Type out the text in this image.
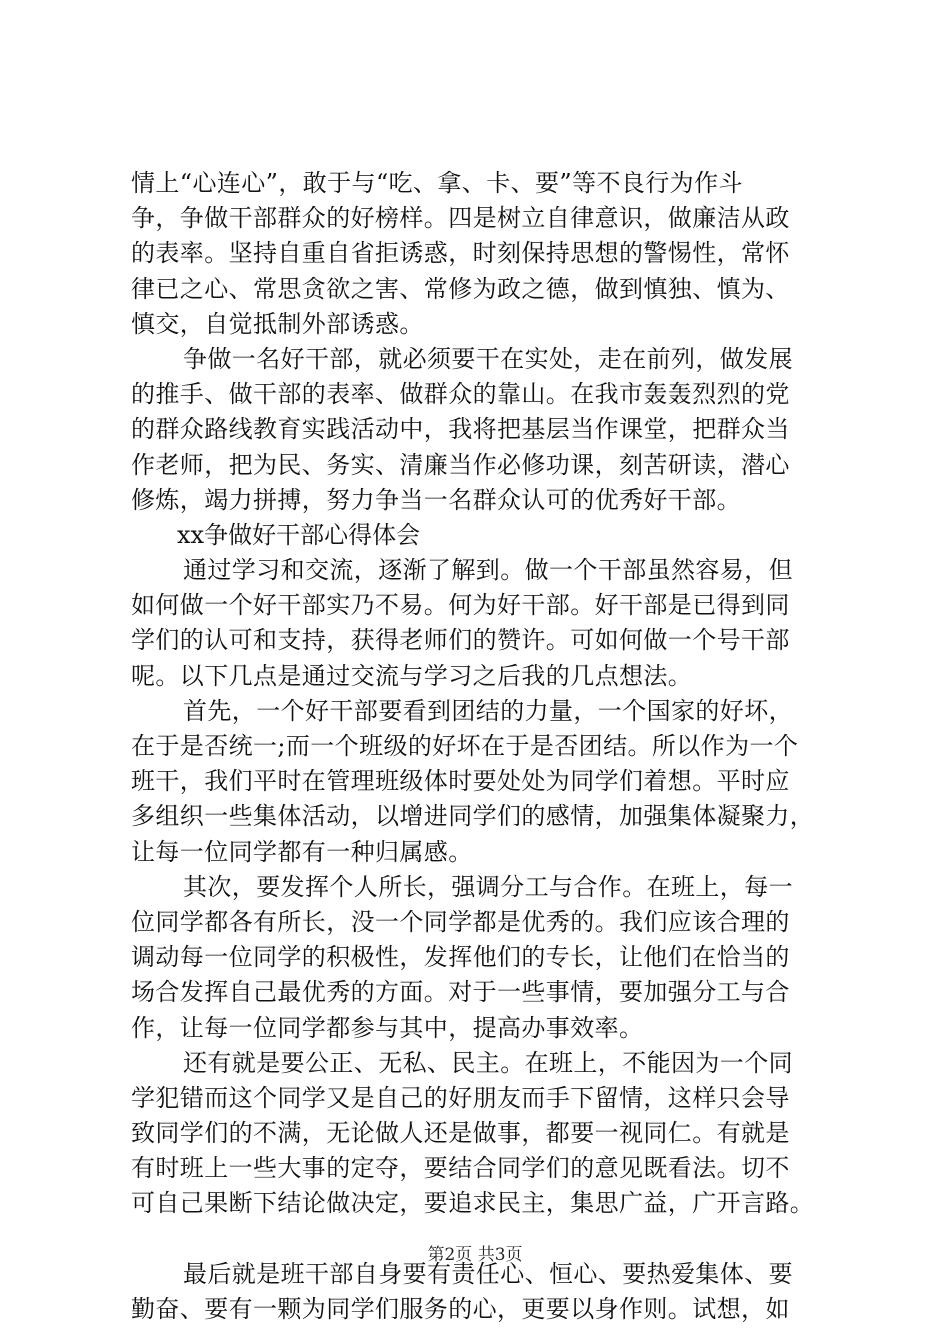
情上“心连心”，敢于与“吃、拿、卡、要”等不良行为作斗
争，争做干部群众的好榜样。四是树立自律意识，做廉洁从政
的表率。坚持自重自省拒诱惑，时刻保持思想的警惕性，常怀
律已之心、常思贪欲之害、常修为政之德，做到慎独、慎为、
慎交，自觉抵制外部诱惑。
争做一名好干部，就必须要干在实处，走在前列，做发展
的推手、做干部的表率、做群众的靠山。在我市轰轰烈烈的党
的群众路线教育实践活动中，我将把基层当作课堂，把群众当
作老师，把为民、务实、清廉当作必修功课，刻苦研读，潜心
修炼，竭力拼搏，努力争当一名群众认可的优秀好干部。
xx争做好干部心得体会
通过学习和交流，逐渐了解到。做一个干部虽然容易，但
如何做一个好干部实乃不易。何为好干部。好干部是已得到同
学们的认可和支持，获得老师们的赞许。可如何做一个号干部
呢。以下几点是通过交流与学习之后我的几点想法。
首先，一个好干部要看到团结的力量，一个国家的好坏，
在于是否统一;而一个班级的好坏在于是否团结。所以作为一个
班干，我们平时在管理班级体时要处处为同学们着想。平时应
多组织一些集体活动，以增进同学们的感情，加强集体凝聚力，
让每一位同学都有一种归属感。
其次，要发挥个人所长，强调分工与合作。在班上，每一
位同学都各有所长，没一个同学都是优秀的。我们应该合理的
调动每一位同学的积极性，发挥他们的专长，让他们在恰当的
场合发挥自己最优秀的方面。对于一些事情，要加强分工与合
作，让每一位同学都参与其中，提高办事效率。
还有就是要公正、无私、民主。在班上，不能因为一个同
学犯错而这个同学又是自己的好朋友而手下留情，这样只会导
致同学们的不满，无论做人还是做事，都要一视同仁。有就是
有时班上一些大事的定夺，要结合同学们的意见既看法。切不
可自己果断下结论做决定，要追求民主，集思广益，广开言路。
最后就是班干部自身要有责任心、恒心、要热爱集体、要
勤奋、要有一颗为同学们服务的心，更要以身作则。试想，如
第2页 共3页
